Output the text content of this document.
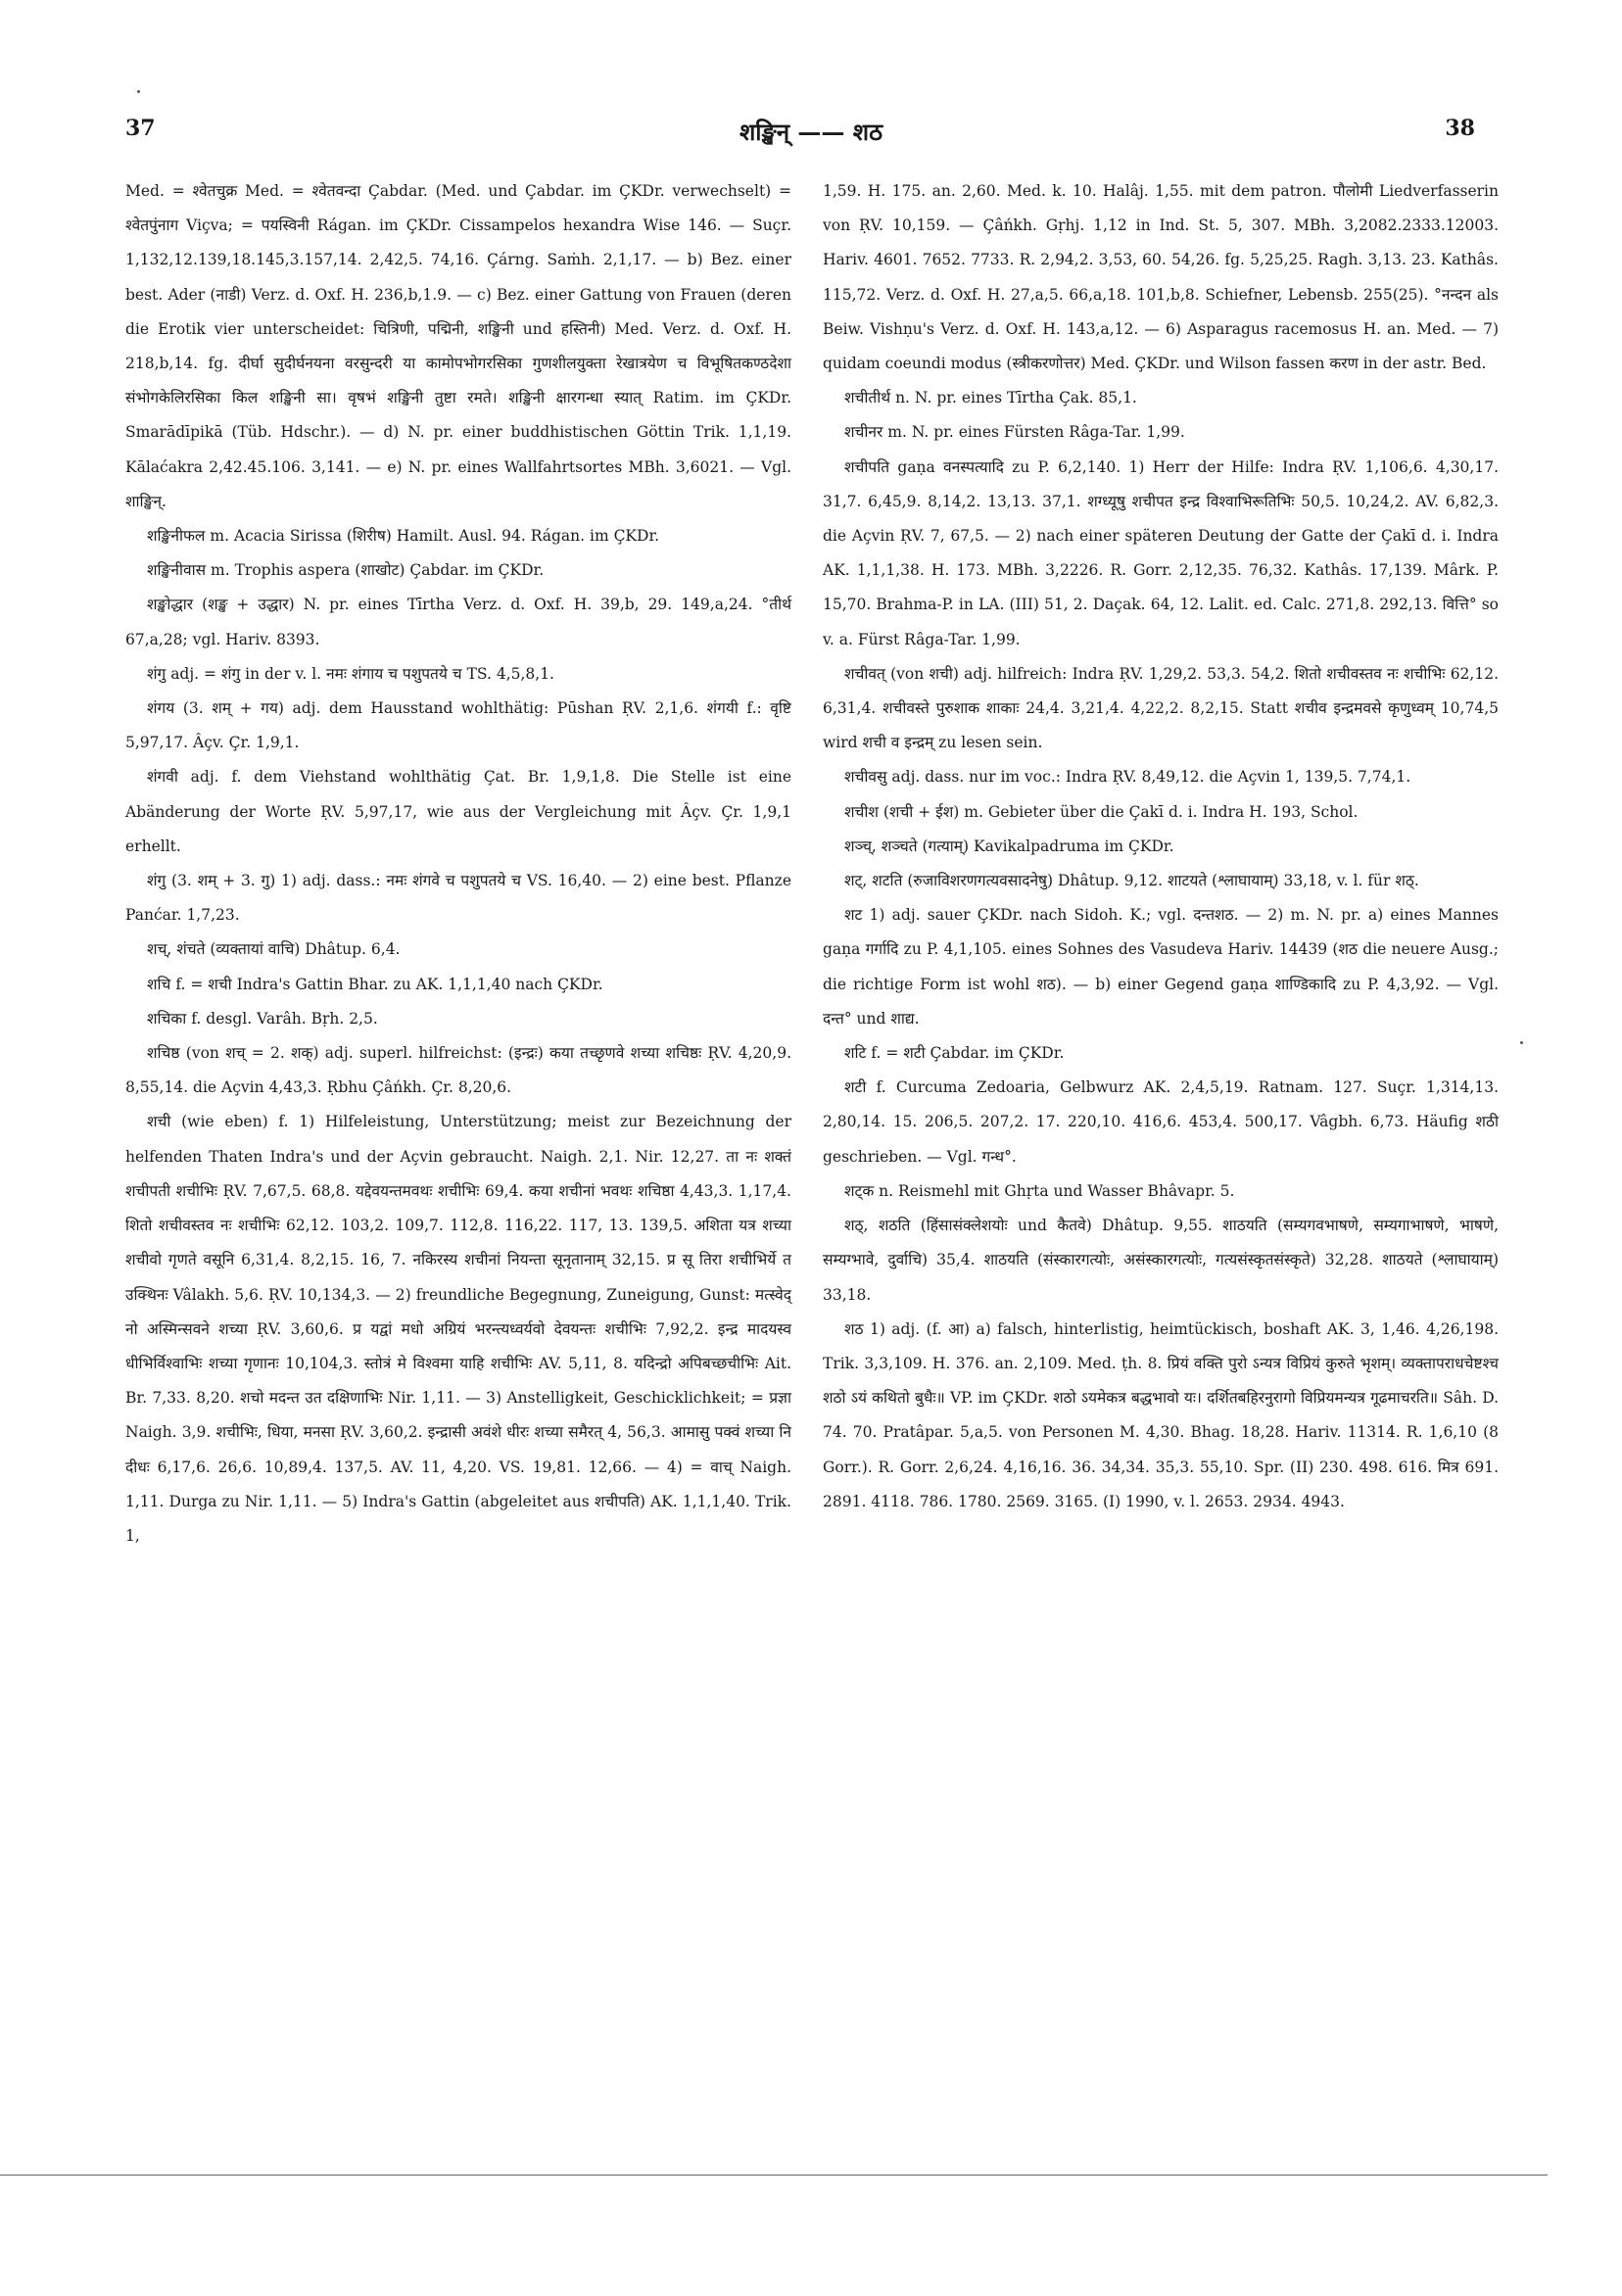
37	शङ्खिन् —— शठ	38

Med. = श्वेतचुक्र Med. = श्वेतवन्दा Çabdar. (Med. und Çabdar. im ÇKDr. verwechselt) = श्वेतपुंनाग Viçva; = पयस्विनी Rágan. im ÇKDr. Cissampelos hexandra Wise 146. — Suçr. 1,132,12.139,18.145,3.157,14. 2,42,5. 74,16. Çárng. Saṁh. 2,1,17. — b) Bez. einer best. Ader (नाडी) Verz. d. Oxf. H. 236,b,1.9. — c) Bez. einer Gattung von Frauen (deren die Erotik vier unterscheidet: चित्रिणी, पद्मिनी, शङ्खिनी und हस्तिनी) Med. Verz. d. Oxf. H. 218,b,14. fg. दीर्घा सुदीर्घनयना वरसुन्दरी या कामोपभोगरसिका गुणशीलयुक्ता रेखात्रयेण च विभूषितकण्ठदेशा संभोगकेलिरसिका किल शङ्खिनी सा। वृषभं शङ्खिनी तुष्टा रमते। शङ्खिनी क्षारगन्धा स्यात् Ratim. im ÇKDr. Smarādīpikā (Tüb. Hdschr.). — d) N. pr. einer buddhistischen Göttin Trik. 1,1,19. Kālaćakra 2,42.45.106. 3,141. — e) N. pr. eines Wallfahrtsortes MBh. 3,6021. — Vgl. शाङ्खिन्.

शङ्खिनीफल m. Acacia Sirissa (शिरीष) Hamilt. Ausl. 94. Rágan. im ÇKDr.

शङ्खिनीवास m. Trophis aspera (शाखोट) Çabdar. im ÇKDr.

शङ्खोद्धार (शङ्ख + उद्धार) N. pr. eines Tīrtha Verz. d. Oxf. H. 39,b, 29. 149,a,24. °तीर्थ 67,a,28; vgl. Hariv. 8393.

शंगु adj. = शंगु in der v. l. नमः शंगाय च पशुपतये च TS. 4,5,8,1.

शंगय (3. शम् + गय) adj. dem Hausstand wohlthätig: Pūshan ṚV. 2,1,6. शंगयी f.: वृष्टि 5,97,17. Âçv. Çr. 1,9,1.

शंगवी adj. f. dem Viehstand wohlthätig Çat. Br. 1,9,1,8. Die Stelle ist eine Abänderung der Worte ṚV. 5,97,17, wie aus der Vergleichung mit Âçv. Çr. 1,9,1 erhellt.

शंगु (3. शम् + 3. गु) 1) adj. dass.: नमः शंगवे च पशुपतये च VS. 16,40. — 2) eine best. Pflanze Panćar. 1,7,23.

शच्, शंचते (व्यक्तायां वाचि) Dhâtup. 6,4.

शचि f. = शची Indra's Gattin Bhar. zu AK. 1,1,1,40 nach ÇKDr.

शचिका f. desgl. Varâh. Bṛh. 2,5.

शचिष्ठ (von शच् = 2. शक्) adj. superl. hilfreichst: (इन्द्रः) कया तच्छृणवे शच्या शचिष्ठः ṚV. 4,20,9. 8,55,14. die Açvin 4,43,3. Ṛbhu Çâńkh. Çr. 8,20,6.

शची (wie eben) f. 1) Hilfeleistung, Unterstützung; meist zur Bezeichnung der helfenden Thaten Indra's und der Açvin gebraucht. Naigh. 2,1. Nir. 12,27. ता नः शक्तं शचीपती शचीभिः ṚV. 7,67,5. 68,8. यद्देवयन्तमवथः शचीभिः 69,4. कया शचीनां भवथः शचिष्ठा 4,43,3. 1,17,4. शितो शचीवस्तव नः शचीभिः 62,12. 103,2. 109,7. 112,8. 116,22. 117, 13. 139,5. अशिता यत्र शच्या शचीवो गृणते वसूनि 6,31,4. 8,2,15. 16, 7. नकिरस्य शचीनां नियन्ता सूनृतानाम् 32,15. प्र सू तिरा शचीभिर्ये त उक्थिनः Vâlakh. 5,6. ṚV. 10,134,3. — 2) freundliche Begegnung, Zuneigung, Gunst: मत्स्वेद् नो अस्मिन्सवने शच्या ṚV. 3,60,6. प्र यद्वां मधो अग्रियं भरन्त्यध्वर्यवो देवयन्तः शचीभिः 7,92,2. इन्द्र मादयस्व धीभिर्विश्वाभिः शच्या गृणानः 10,104,3. स्तोत्रं मे विश्वमा याहि शचीभिः AV. 5,11, 8. यदिन्द्रो अपिबच्छचीभिः Ait. Br. 7,33. 8,20. शचो मदन्त उत दक्षिणाभिः Nir. 1,11. — 3) Anstelligkeit, Geschicklichkeit; = प्रज्ञा Naigh. 3,9. शचीभिः, धिया, मनसा ṚV. 3,60,2. इन्द्रासी अवंशे धीरः शच्या समैरत् 4, 56,3. आमासु पक्वं शच्या नि दीधः 6,17,6. 26,6. 10,89,4. 137,5. AV. 11, 4,20. VS. 19,81. 12,66. — 4) = वाच् Naigh. 1,11. Durga zu Nir. 1,11. — 5) Indra's Gattin (abgeleitet aus शचीपति) AK. 1,1,1,40. Trik. 1,

1,59. H. 175. an. 2,60. Med. k. 10. Halâj. 1,55. mit dem patron. पौलोमी Liedverfasserin von ṚV. 10,159. — Çâńkh. Gṛhj. 1,12 in Ind. St. 5, 307. MBh. 3,2082.2333.12003. Hariv. 4601. 7652. 7733. R. 2,94,2. 3,53, 60. 54,26. fg. 5,25,25. Ragh. 3,13. 23. Kathâs. 115,72. Verz. d. Oxf. H. 27,a,5. 66,a,18. 101,b,8. Schiefner, Lebensb. 255(25). °नन्दन als Beiw. Vishṇu's Verz. d. Oxf. H. 143,a,12. — 6) Asparagus racemosus H. an. Med. — 7) quidam coeundi modus (स्त्रीकरणोत्तर) Med. ÇKDr. und Wilson fassen करण in der astr. Bed.

शचीतीर्थ n. N. pr. eines Tīrtha Çak. 85,1.

शचीनर m. N. pr. eines Fürsten Râga-Tar. 1,99.

शचीपति gaṇa वनस्पत्यादि zu P. 6,2,140. 1) Herr der Hilfe: Indra ṚV. 1,106,6. 4,30,17. 31,7. 6,45,9. 8,14,2. 13,13. 37,1. शग्ध्यूषु शचीपत इन्द्र विश्वाभिरूतिभिः 50,5. 10,24,2. AV. 6,82,3. die Açvin ṚV. 7, 67,5. — 2) nach einer späteren Deutung der Gatte der Çakī d. i. Indra AK. 1,1,1,38. H. 173. MBh. 3,2226. R. Gorr. 2,12,35. 76,32. Kathâs. 17,139. Mârk. P. 15,70. Brahma-P. in LA. (III) 51, 2. Daçak. 64, 12. Lalit. ed. Calc. 271,8. 292,13. वित्ति° so v. a. Fürst Râga-Tar. 1,99.

शचीवत् (von शची) adj. hilfreich: Indra ṚV. 1,29,2. 53,3. 54,2. शितो शचीवस्तव नः शचीभिः 62,12. 6,31,4. शचीवस्ते पुरुशाक शाकाः 24,4. 3,21,4. 4,22,2. 8,2,15. Statt शचीव इन्द्रमवसे कृणुध्वम् 10,74,5 wird शची व इन्द्रम् zu lesen sein.

शचीवसु adj. dass. nur im voc.: Indra ṚV. 8,49,12. die Açvin 1, 139,5. 7,74,1.

शचीश (शची + ईश) m. Gebieter über die Çakī d. i. Indra H. 193, Schol.

शञ्च्, शञ्चते (गत्याम्) Kavikalpadruma im ÇKDr.

शट्, शटति (रुजाविशरणगत्यवसादनेषु) Dhâtup. 9,12. शाटयते (श्लाघायाम्) 33,18, v. l. für शठ्.

शट 1) adj. sauer ÇKDr. nach Sidoh. K.; vgl. दन्तशठ. — 2) m. N. pr. a) eines Mannes gaṇa गर्गादि zu P. 4,1,105. eines Sohnes des Vasudeva Hariv. 14439 (शठ die neuere Ausg.; die richtige Form ist wohl शठ). — b) einer Gegend gaṇa शाण्डिकादि zu P. 4,3,92. — Vgl. दन्त° und शाद्य.

शटि f. = शटी Çabdar. im ÇKDr.

शटी f. Curcuma Zedoaria, Gelbwurz AK. 2,4,5,19. Ratnam. 127. Suçr. 1,314,13. 2,80,14. 15. 206,5. 207,2. 17. 220,10. 416,6. 453,4. 500,17. Vâgbh. 6,73. Häufig शठी geschrieben. — Vgl. गन्ध°.

शट्क n. Reismehl mit Ghṛta und Wasser Bhâvapr. 5.

शठ्, शठति (हिंसासंक्लेशयोः und कैतवे) Dhâtup. 9,55. शाठयति (सम्यगवभाषणे, सम्यगाभाषणे, भाषणे, सम्यग्भावे, दुर्वाचि) 35,4. शाठयति (संस्कारगत्योः, असंस्कारगत्योः, गत्यसंस्कृतसंस्कृते) 32,28. शाठयते (श्लाघायाम्) 33,18.

शठ 1) adj. (f. आ) a) falsch, hinterlistig, heimtückisch, boshaft AK. 3, 1,46. 4,26,198. Trik. 3,3,109. H. 376. an. 2,109. Med. ṭh. 8. प्रियं वक्ति पुरो ऽन्यत्र विप्रियं कुरुते भृशम्। व्यक्तापराधचेष्टश्च शठो ऽयं कथितो बुधैः॥ VP. im ÇKDr. शठो ऽयमेकत्र बद्धभावो यः। दर्शितबहिरनुरागो विप्रियमन्यत्र गूढमाचरति॥ Sâh. D. 74. 70. Pratâpar. 5,a,5. von Personen M. 4,30. Bhag. 18,28. Hariv. 11314. R. 1,6,10 (8 Gorr.). R. Gorr. 2,6,24. 4,16,16. 36. 34,34. 35,3. 55,10. Spr. (II) 230. 498. 616. मित्र 691. 2891. 4118. 786. 1780. 2569. 3165. (I) 1990, v. l. 2653. 2934. 4943.
